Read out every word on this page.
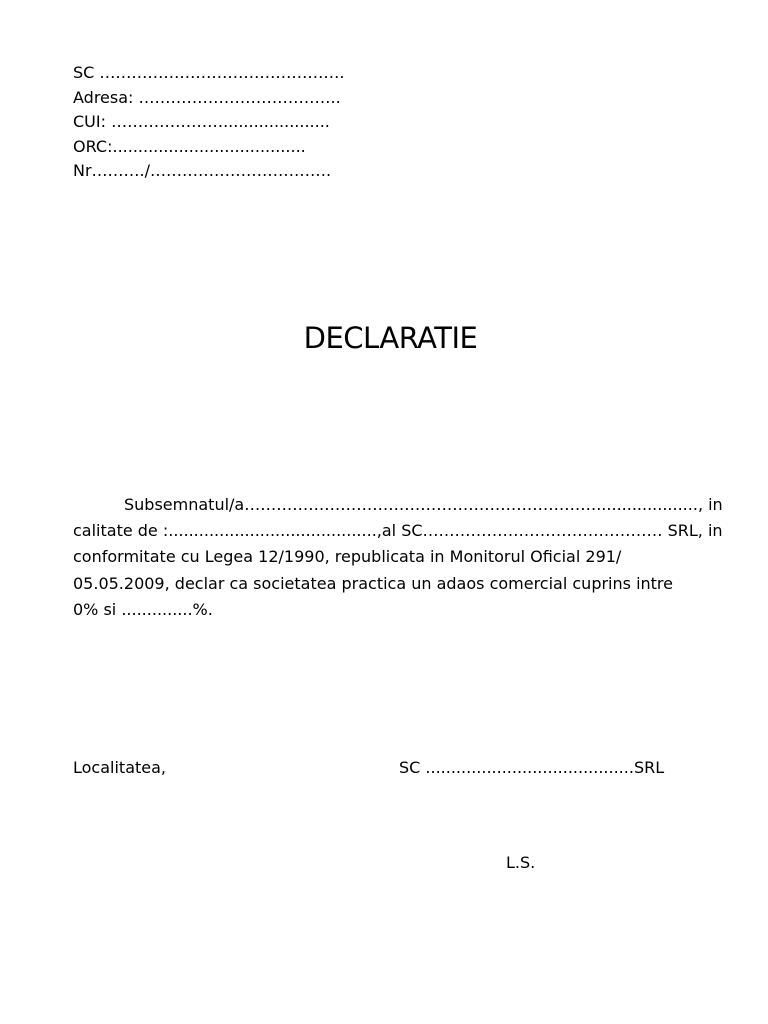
SC ……………………………………….
Adresa: ………………………………..
CUI: ………………….....................
ORC:......................................
Nr………./…………………………….
DECLARATIE
Subsemnatul/a…………………………………………………………...................., in
calitate de :.........................................,al SC……………………………………… SRL, in
conformitate cu Legea 12/1990, republicata in Monitorul Oficial 291/
05.05.2009, declar ca societatea practica un adaos comercial cuprins intre
0% si ..............%.
Localitatea,	SC .........................................SRL
L.S.
